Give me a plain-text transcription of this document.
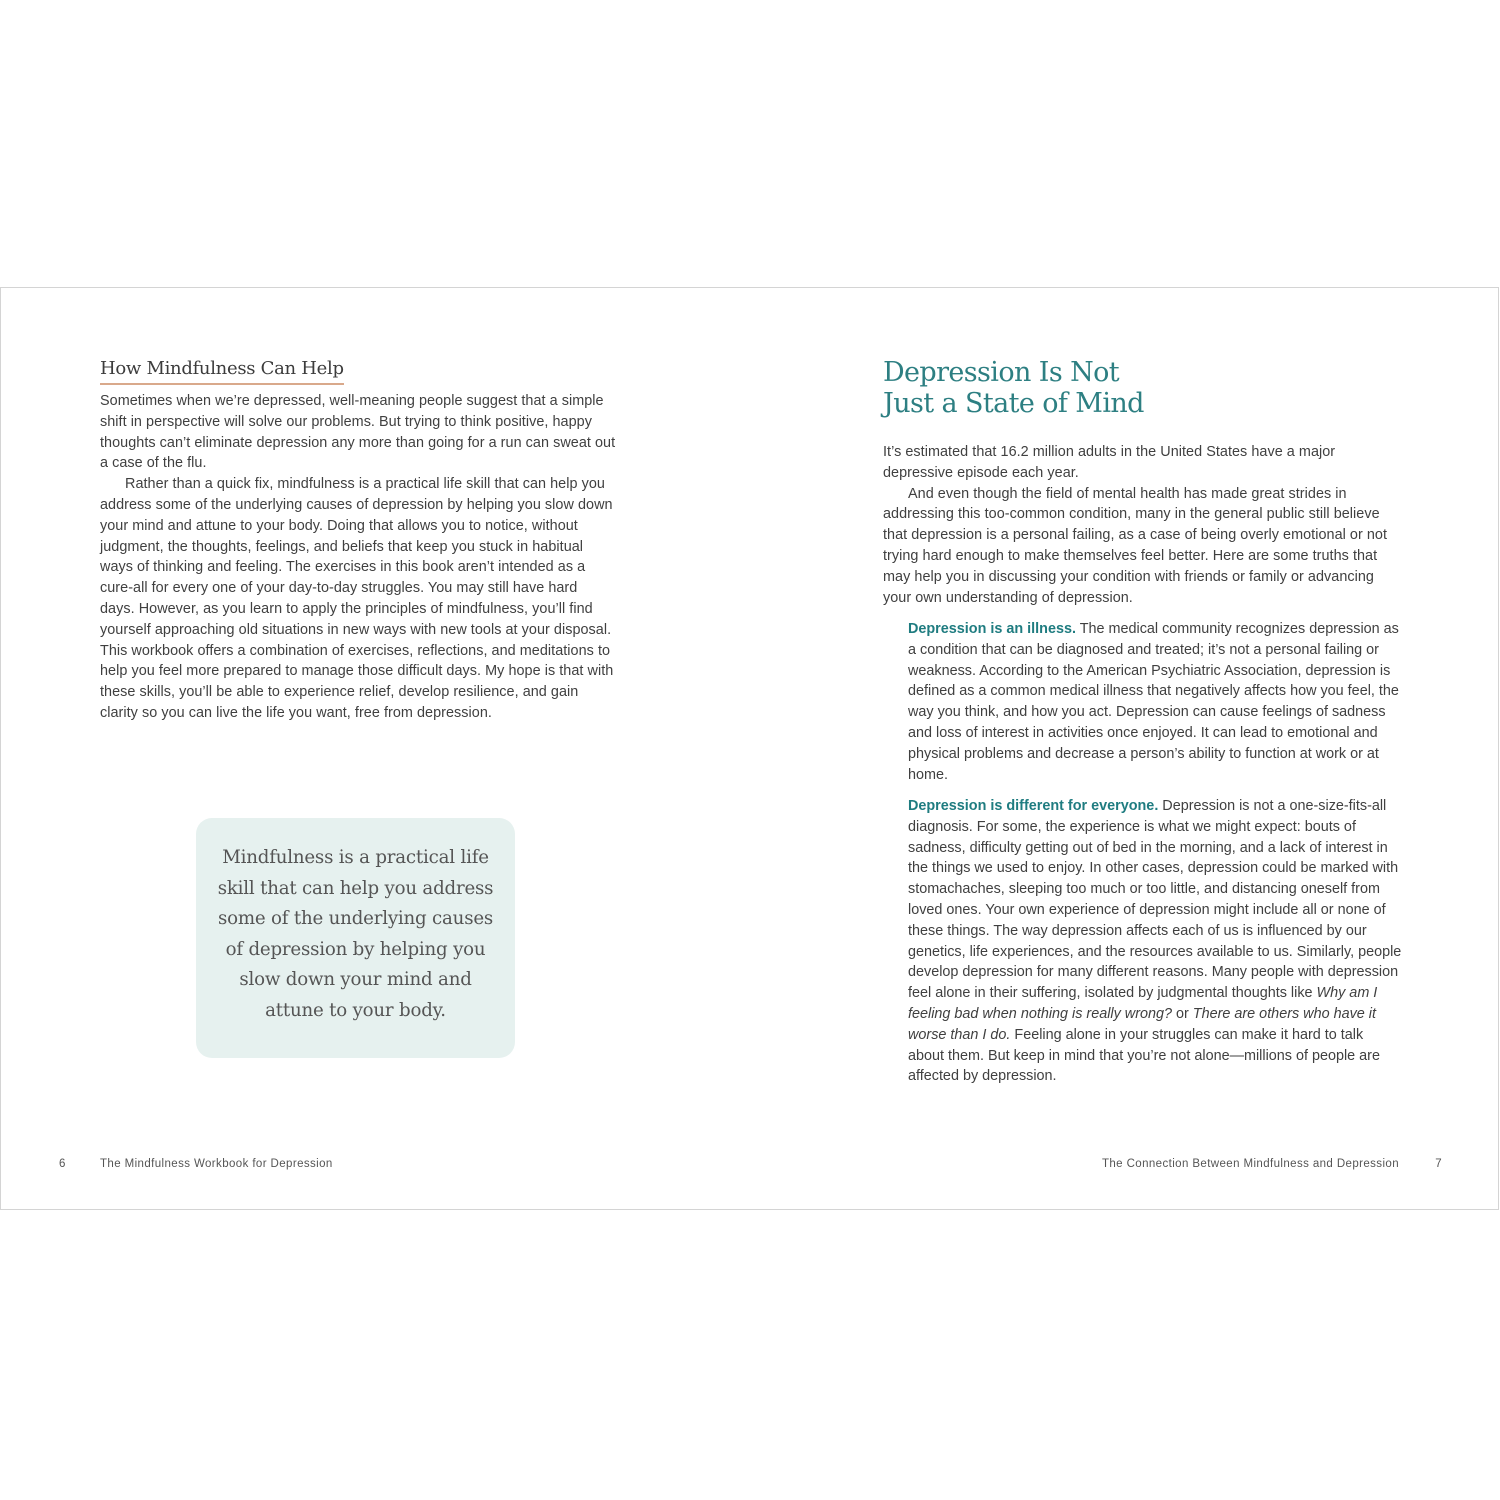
How Mindfulness Can Help

Sometimes when we’re depressed, well-meaning people suggest that a simple shift in perspective will solve our problems. But trying to think positive, happy thoughts can’t eliminate depression any more than going for a run can sweat out a case of the flu.

Rather than a quick fix, mindfulness is a practical life skill that can help you address some of the underlying causes of depression by helping you slow down your mind and attune to your body. Doing that allows you to notice, without judgment, the thoughts, feelings, and beliefs that keep you stuck in habitual ways of thinking and feeling. The exercises in this book aren’t intended as a cure-all for every one of your day-to-day struggles. You may still have hard days. However, as you learn to apply the principles of mindfulness, you’ll find yourself approaching old situations in new ways with new tools at your disposal. This workbook offers a combination of exercises, reflections, and meditations to help you feel more prepared to manage those difficult days. My hope is that with these skills, you’ll be able to experience relief, develop resilience, and gain clarity so you can live the life you want, free from depression.

Mindfulness is a practical life skill that can help you address some of the underlying causes of depression by helping you slow down your mind and attune to your body.

6	The Mindfulness Workbook for Depression
Depression Is Not
Just a State of Mind

It’s estimated that 16.2 million adults in the United States have a major depressive episode each year.

And even though the field of mental health has made great strides in addressing this too-common condition, many in the general public still believe that depression is a personal failing, as a case of being overly emotional or not trying hard enough to make themselves feel better. Here are some truths that may help you in discussing your condition with friends or family or advancing your own understanding of depression.

Depression is an illness. The medical community recognizes depression as a condition that can be diagnosed and treated; it’s not a personal failing or weakness. According to the American Psychiatric Association, depression is defined as a common medical illness that negatively affects how you feel, the way you think, and how you act. Depression can cause feelings of sadness and loss of interest in activities once enjoyed. It can lead to emotional and physical problems and decrease a person’s ability to function at work or at home.

Depression is different for everyone. Depression is not a one-size-fits-all diagnosis. For some, the experience is what we might expect: bouts of sadness, difficulty getting out of bed in the morning, and a lack of interest in the things we used to enjoy. In other cases, depression could be marked with stomachaches, sleeping too much or too little, and distancing oneself from loved ones. Your own experience of depression might include all or none of these things. The way depression affects each of us is influenced by our genetics, life experiences, and the resources available to us. Similarly, people develop depression for many different reasons. Many people with depression feel alone in their suffering, isolated by judgmental thoughts like Why am I feeling bad when nothing is really wrong? or There are others who have it worse than I do. Feeling alone in your struggles can make it hard to talk about them. But keep in mind that you’re not alone—millions of people are affected by depression.

The Connection Between Mindfulness and Depression	7
